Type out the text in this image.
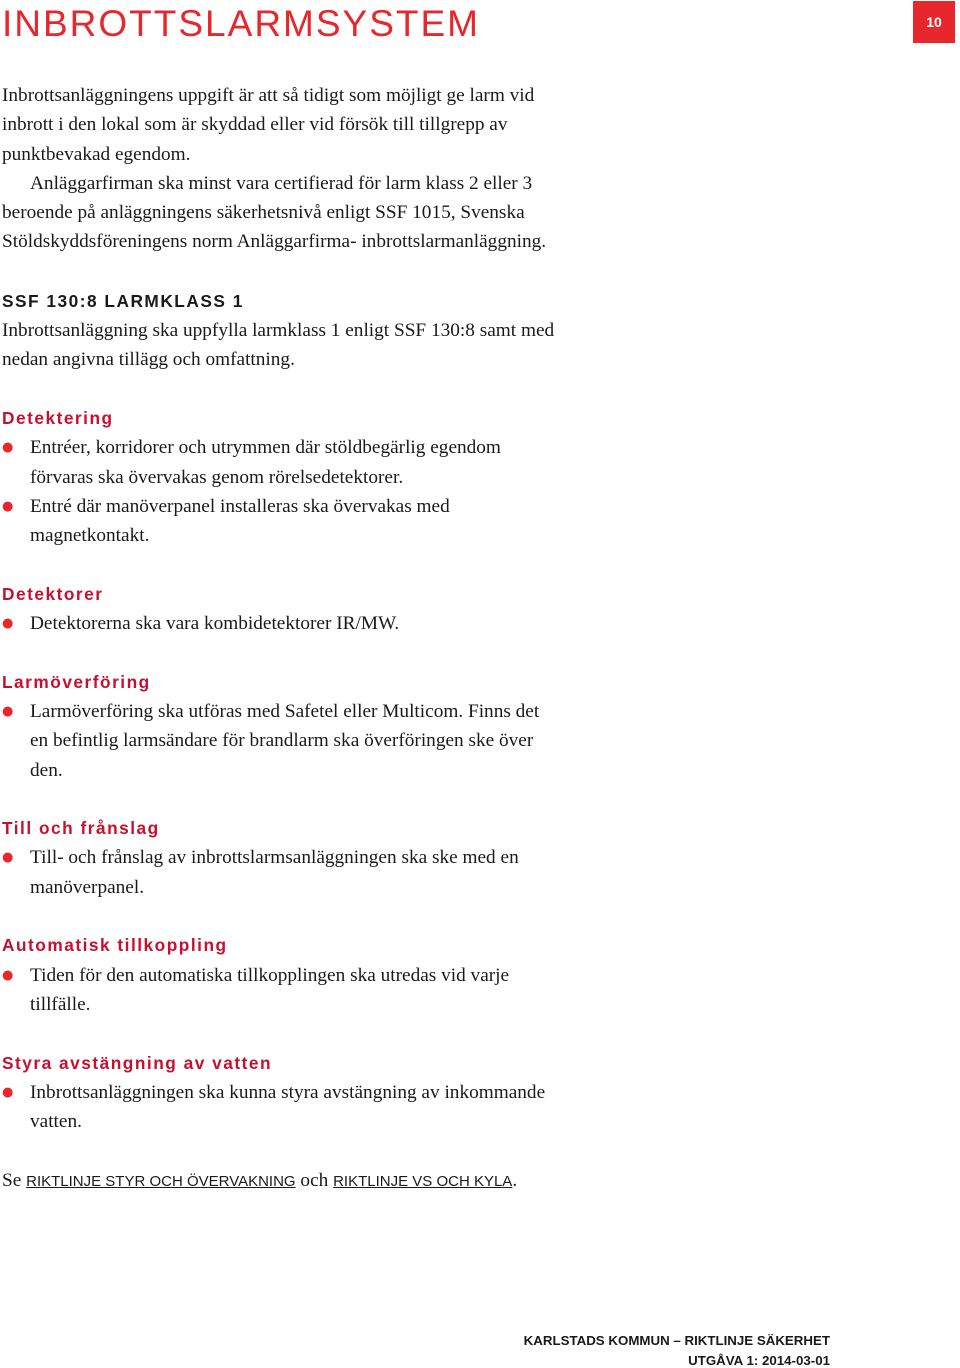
INBROTTSLARMSYSTEM	10

Inbrottsanläggningens uppgift är att så tidigt som möjligt ge larm vid inbrott i den lokal som är skyddad eller vid försök till tillgrepp av punktbevakad egendom.

Anläggarfirman ska minst vara certifierad för larm klass 2 eller 3 beroende på anläggningens säkerhetsnivå enligt SSF 1015, Svenska Stöldskyddsföreningens norm Anläggarfirma- inbrottslarmanläggning.

SSF 130:8 LARMKLASS 1

Inbrottsanläggning ska uppfylla larmklass 1 enligt SSF 130:8 samt med nedan angivna tillägg och omfattning.

Detektering
● Entréer, korridorer och utrymmen där stöldbegärlig egendom förvaras ska övervakas genom rörelsedetektorer.
● Entré där manöverpanel installeras ska övervakas med magnetkontakt.
Detektorer
● Detektorerna ska vara kombidetektorer IR/MW.
Larmöverföring
● Larmöverföring ska utföras med Safetel eller Multicom. Finns det en befintlig larmsändare för brandlarm ska överföringen ske över den.
Till och frånslag
● Till- och frånslag av inbrottslarmsanläggningen ska ske med en manöverpanel.
Automatisk tillkoppling
● Tiden för den automatiska tillkopplingen ska utredas vid varje tillfälle.
Styra avstängning av vatten
● Inbrottsanläggningen ska kunna styra avstängning av inkommande vatten.

Se RIKTLINJE STYR OCH ÖVERVAKNING och RIKTLINJE VS OCH KYLA.

KARLSTADS KOMMUN – RIKTLINJE SÄKERHET
UTGÅVA 1: 2014-03-01
